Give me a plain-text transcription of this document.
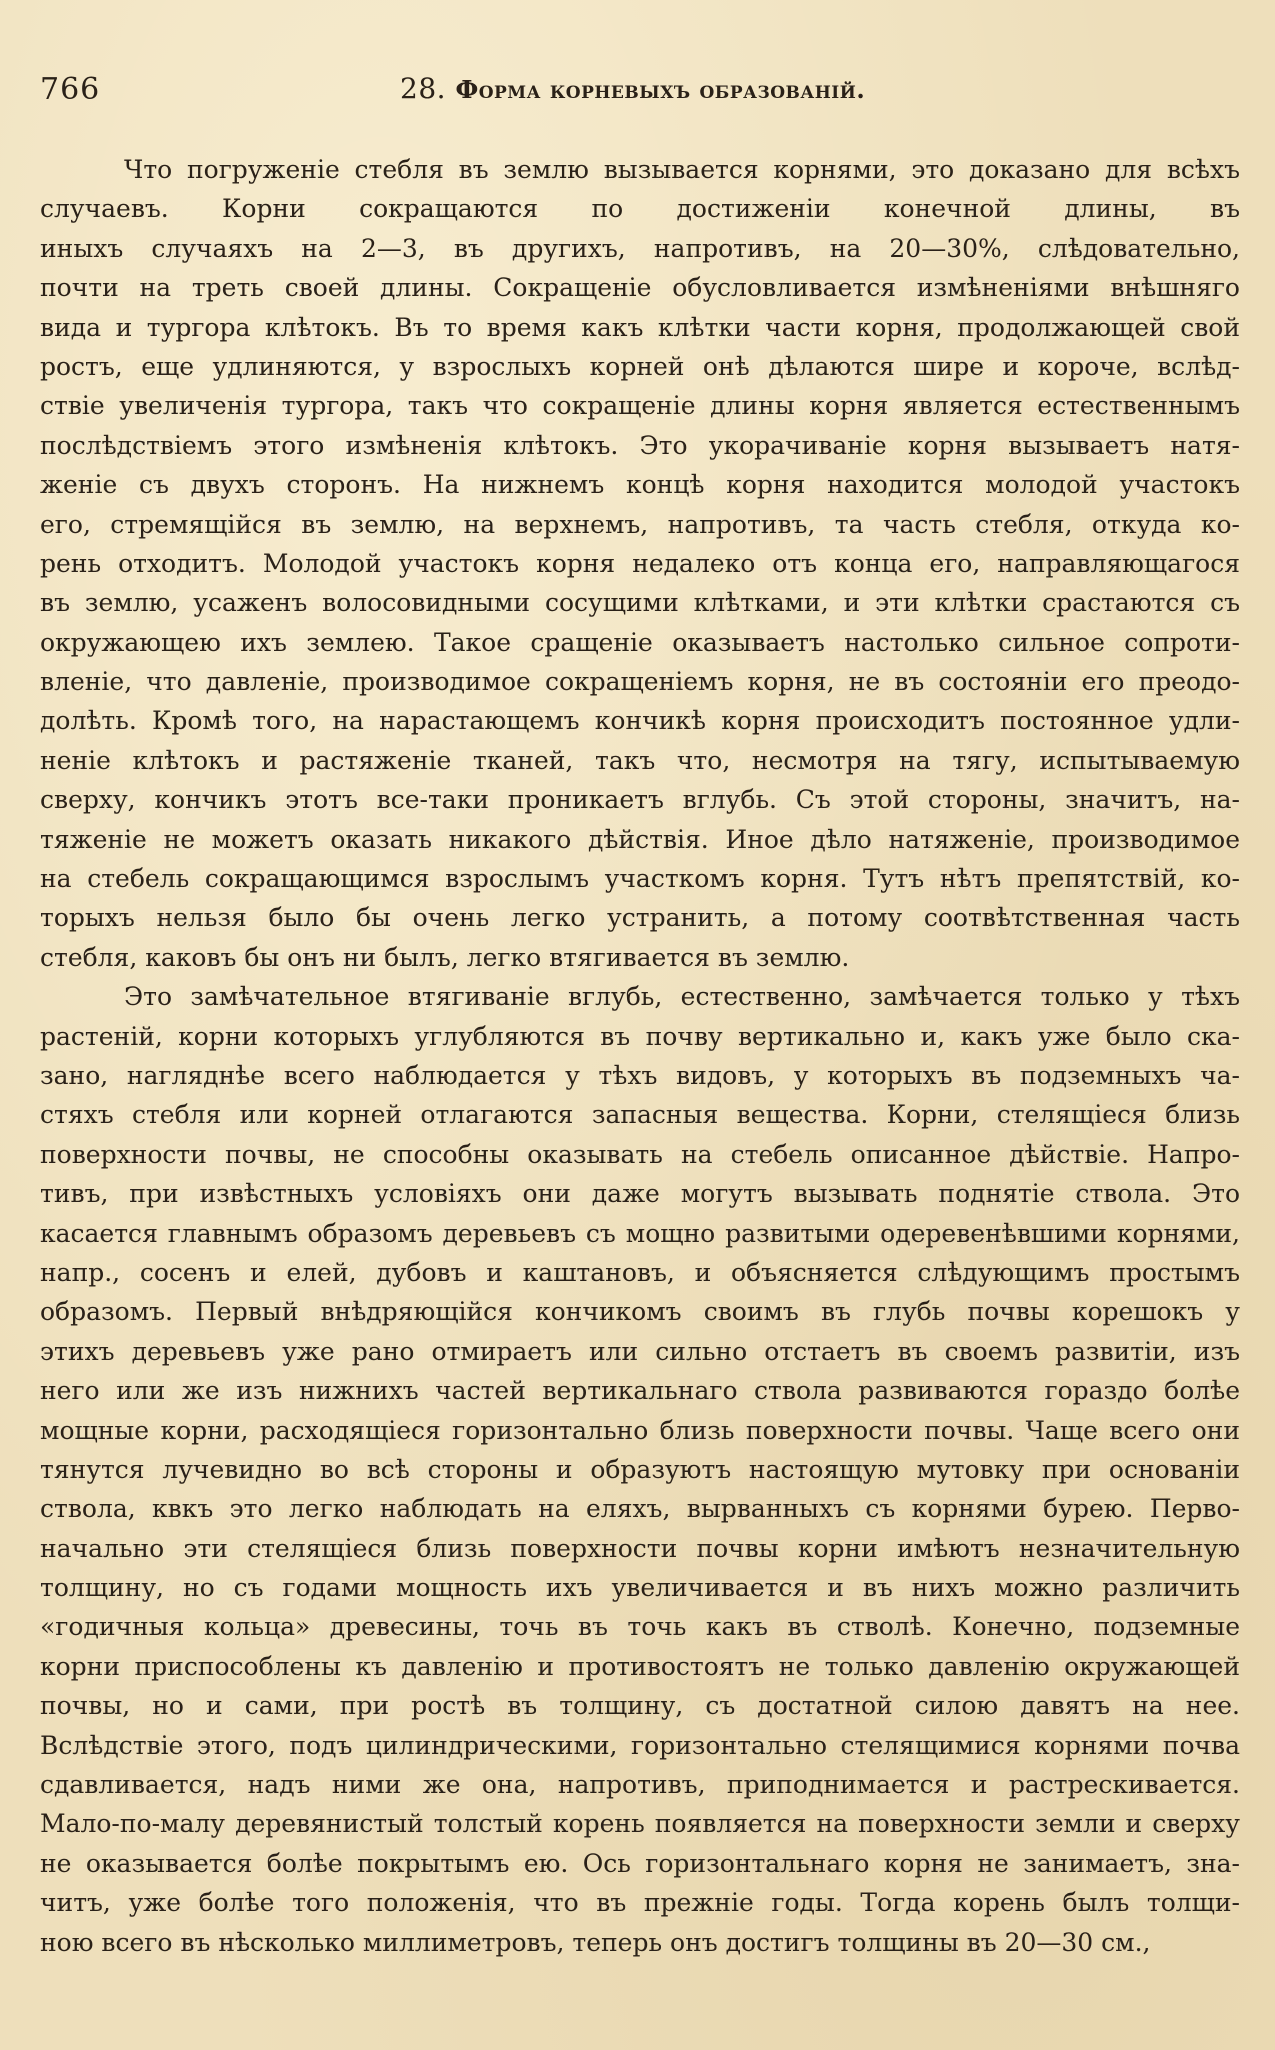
766	28. Форма корневыхъ образованій.
Что погруженіе стебля въ землю вызывается корнями, это доказано для всѣхъ
случаевъ. Корни сокращаются по достиженіи конечной длины, въ
иныхъ случаяхъ на 2—3, въ другихъ, напротивъ, на 20—30%, слѣдовательно,
почти на треть своей длины. Сокращеніе обусловливается измѣненіями внѣшняго
вида и тургора клѣтокъ. Въ то время какъ клѣтки части корня, продолжающей свой
ростъ, еще удлиняются, у взрослыхъ корней онѣ дѣлаются шире и короче, вслѣд-
ствіе увеличенія тургора, такъ что сокращеніе длины корня является естественнымъ
послѣдствіемъ этого измѣненія клѣтокъ. Это укорачиваніе корня вызываетъ натя-
женіе съ двухъ сторонъ. На нижнемъ концѣ корня находится молодой участокъ
его, стремящійся въ землю, на верхнемъ, напротивъ, та часть стебля, откуда ко-
рень отходитъ. Молодой участокъ корня недалеко отъ конца его, направляющагося
въ землю, усаженъ волосовидными сосущими клѣтками, и эти клѣтки срастаются съ
окружающею ихъ землею. Такое сращеніе оказываетъ настолько сильное сопроти-
вленіе, что давленіе, производимое сокращеніемъ корня, не въ состояніи его преодо-
долѣть. Кромѣ того, на нарастающемъ кончикѣ корня происходитъ постоянное удли-
неніе клѣтокъ и растяженіе тканей, такъ что, несмотря на тягу, испытываемую
сверху, кончикъ этотъ все-таки проникаетъ вглубь. Съ этой стороны, значитъ, на-
тяженіе не можетъ оказать никакого дѣйствія. Иное дѣло натяженіе, производимое
на стебель сокращающимся взрослымъ участкомъ корня. Тутъ нѣтъ препятствій, ко-
торыхъ нельзя было бы очень легко устранить, а потому соотвѣтственная часть
стебля, каковъ бы онъ ни былъ, легко втягивается въ землю.
Это замѣчательное втягиваніе вглубь, естественно, замѣчается только у тѣхъ
растеній, корни которыхъ углубляются въ почву вертикально и, какъ уже было ска-
зано, нагляднѣе всего наблюдается у тѣхъ видовъ, у которыхъ въ подземныхъ ча-
стяхъ стебля или корней отлагаются запасныя вещества. Корни, стелящіеся близь
поверхности почвы, не способны оказывать на стебель описанное дѣйствіе. Напро-
тивъ, при извѣстныхъ условіяхъ они даже могутъ вызывать поднятіе ствола. Это
касается главнымъ образомъ деревьевъ съ мощно развитыми одеревенѣвшими корнями,
напр., сосенъ и елей, дубовъ и каштановъ, и объясняется слѣдующимъ простымъ
образомъ. Первый внѣдряющійся кончикомъ своимъ въ глубь почвы корешокъ у
этихъ деревьевъ уже рано отмираетъ или сильно отстаетъ въ своемъ развитіи, изъ
него или же изъ нижнихъ частей вертикальнаго ствола развиваются гораздо болѣе
мощные корни, расходящіеся горизонтально близь поверхности почвы. Чаще всего они
тянутся лучевидно во всѣ стороны и образуютъ настоящую мутовку при основаніи
ствола, квкъ это легко наблюдать на еляхъ, вырванныхъ съ корнями бурею. Перво-
начально эти стелящіеся близь поверхности почвы корни имѣютъ незначительную
толщину, но съ годами мощность ихъ увеличивается и въ нихъ можно различить
«годичныя кольца» древесины, точь въ точь какъ въ стволѣ. Конечно, подземные
корни приспособлены къ давленію и противостоятъ не только давленію окружающей
почвы, но и сами, при ростѣ въ толщину, съ достатной силою давятъ на нее.
Вслѣдствіе этого, подъ цилиндрическими, горизонтально стелящимися корнями почва
сдавливается, надъ ними же она, напротивъ, приподнимается и растрескивается.
Мало-по-малу деревянистый толстый корень появляется на поверхности земли и сверху
не оказывается болѣе покрытымъ ею. Ось горизонтальнаго корня не занимаетъ, зна-
читъ, уже болѣе того положенія, что въ прежніе годы. Тогда корень былъ толщи-
ною всего въ нѣсколько миллиметровъ, теперь онъ достигъ толщины въ 20—30 см.,
